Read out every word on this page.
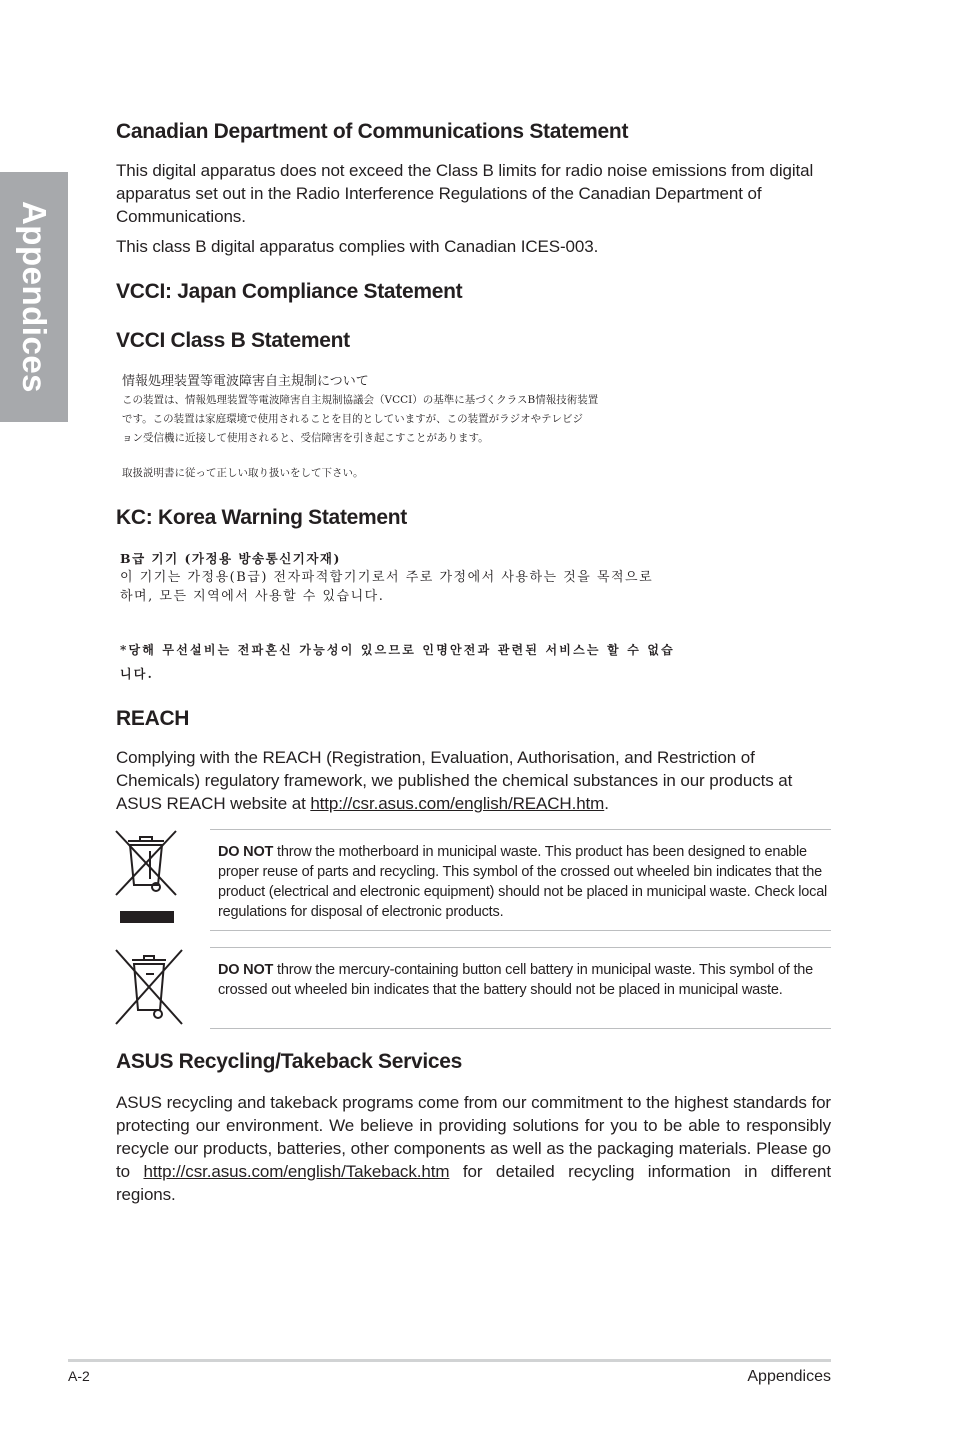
Appendices
Canadian Department of Communications Statement

This digital apparatus does not exceed the Class B limits for radio noise emissions from digital apparatus set out in the Radio Interference Regulations of the Canadian Department of Communications.

This class B digital apparatus complies with Canadian ICES-003.

VCCI: Japan Compliance Statement
VCCI Class B Statement
情報処理装置等電波障害自主規制について
この装置は、情報処理装置等電波障害自主規制協議会（VCCI）の基準に基づくクラスB情報技術装置
です。この装置は家庭環境で使用されることを目的としていますが、この装置がラジオやテレビジ
ョン受信機に近接して使用されると、受信障害を引き起こすことがあります。
取扱説明書に従って正しい取り扱いをして下さい。
KC: Korea Warning Statement
B급 기기 (가정용 방송통신기자재)
이 기기는 가정용(B급) 전자파적합기기로서 주로 가정에서 사용하는 것을 목적으로
하며, 모든 지역에서 사용할 수 있습니다.
*당해 무선설비는 전파혼신 가능성이 있으므로 인명안전과 관련된 서비스는 할 수 없습
니다.
REACH

Complying with the REACH (Registration, Evaluation, Authorisation, and Restriction of Chemicals) regulatory framework, we published the chemical substances in our products at ASUS REACH website at http://csr.asus.com/english/REACH.htm.

DO NOT throw the motherboard in municipal waste. This product has been designed to enable proper reuse of parts and recycling. This symbol of the crossed out wheeled bin indicates that the product (electrical and electronic equipment) should not be placed in municipal waste. Check local regulations for disposal of electronic products.

DO NOT throw the mercury-containing button cell battery in municipal waste. This symbol of the crossed out wheeled bin indicates that the battery should not be placed in municipal waste.

ASUS Recycling/Takeback Services

ASUS recycling and takeback programs come from our commitment to the highest standards for protecting our environment. We believe in providing solutions for you to be able to responsibly recycle our products, batteries, other components as well as the packaging materials. Please go to http://csr.asus.com/english/Takeback.htm for detailed recycling information in different regions.

A-2	Appendices
